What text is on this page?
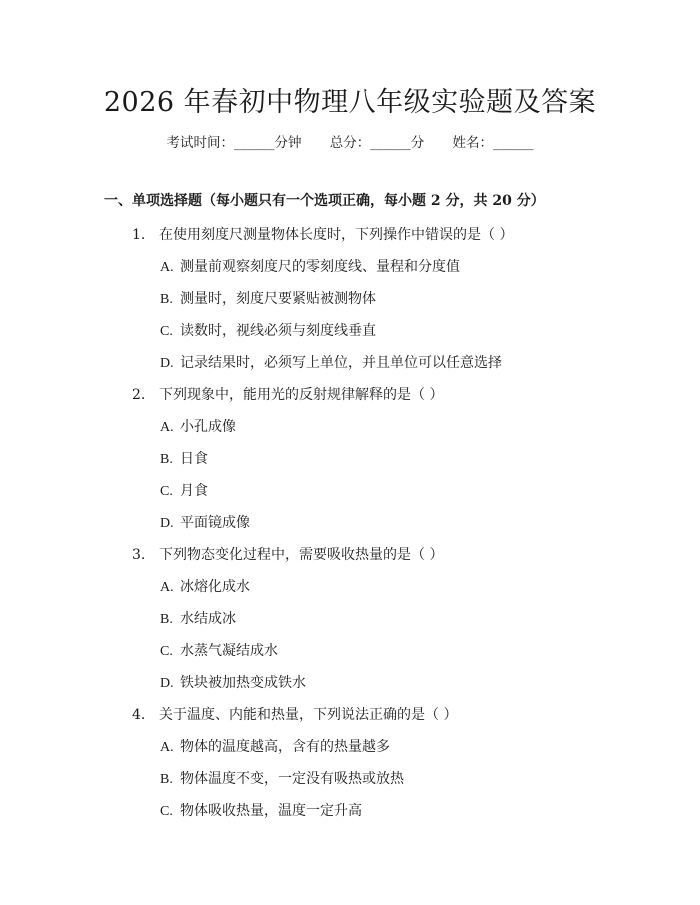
2026 年春初中物理八年级实验题及答案
考试时间：______分钟 总分：______分 姓名：______
一、单项选择题（每小题只有一个选项正确，每小题 2 分，共 20 分）
1. 在使用刻度尺测量物体长度时，下列操作中错误的是（ ）
A. 测量前观察刻度尺的零刻度线、量程和分度值
B. 测量时，刻度尺要紧贴被测物体
C. 读数时，视线必须与刻度线垂直
D. 记录结果时，必须写上单位，并且单位可以任意选择
2. 下列现象中，能用光的反射规律解释的是（ ）
A. 小孔成像
B. 日食
C. 月食
D. 平面镜成像
3. 下列物态变化过程中，需要吸收热量的是（ ）
A. 冰熔化成水
B. 水结成冰
C. 水蒸气凝结成水
D. 铁块被加热变成铁水
4. 关于温度、内能和热量，下列说法正确的是（ ）
A. 物体的温度越高，含有的热量越多
B. 物体温度不变，一定没有吸热或放热
C. 物体吸收热量，温度一定升高
